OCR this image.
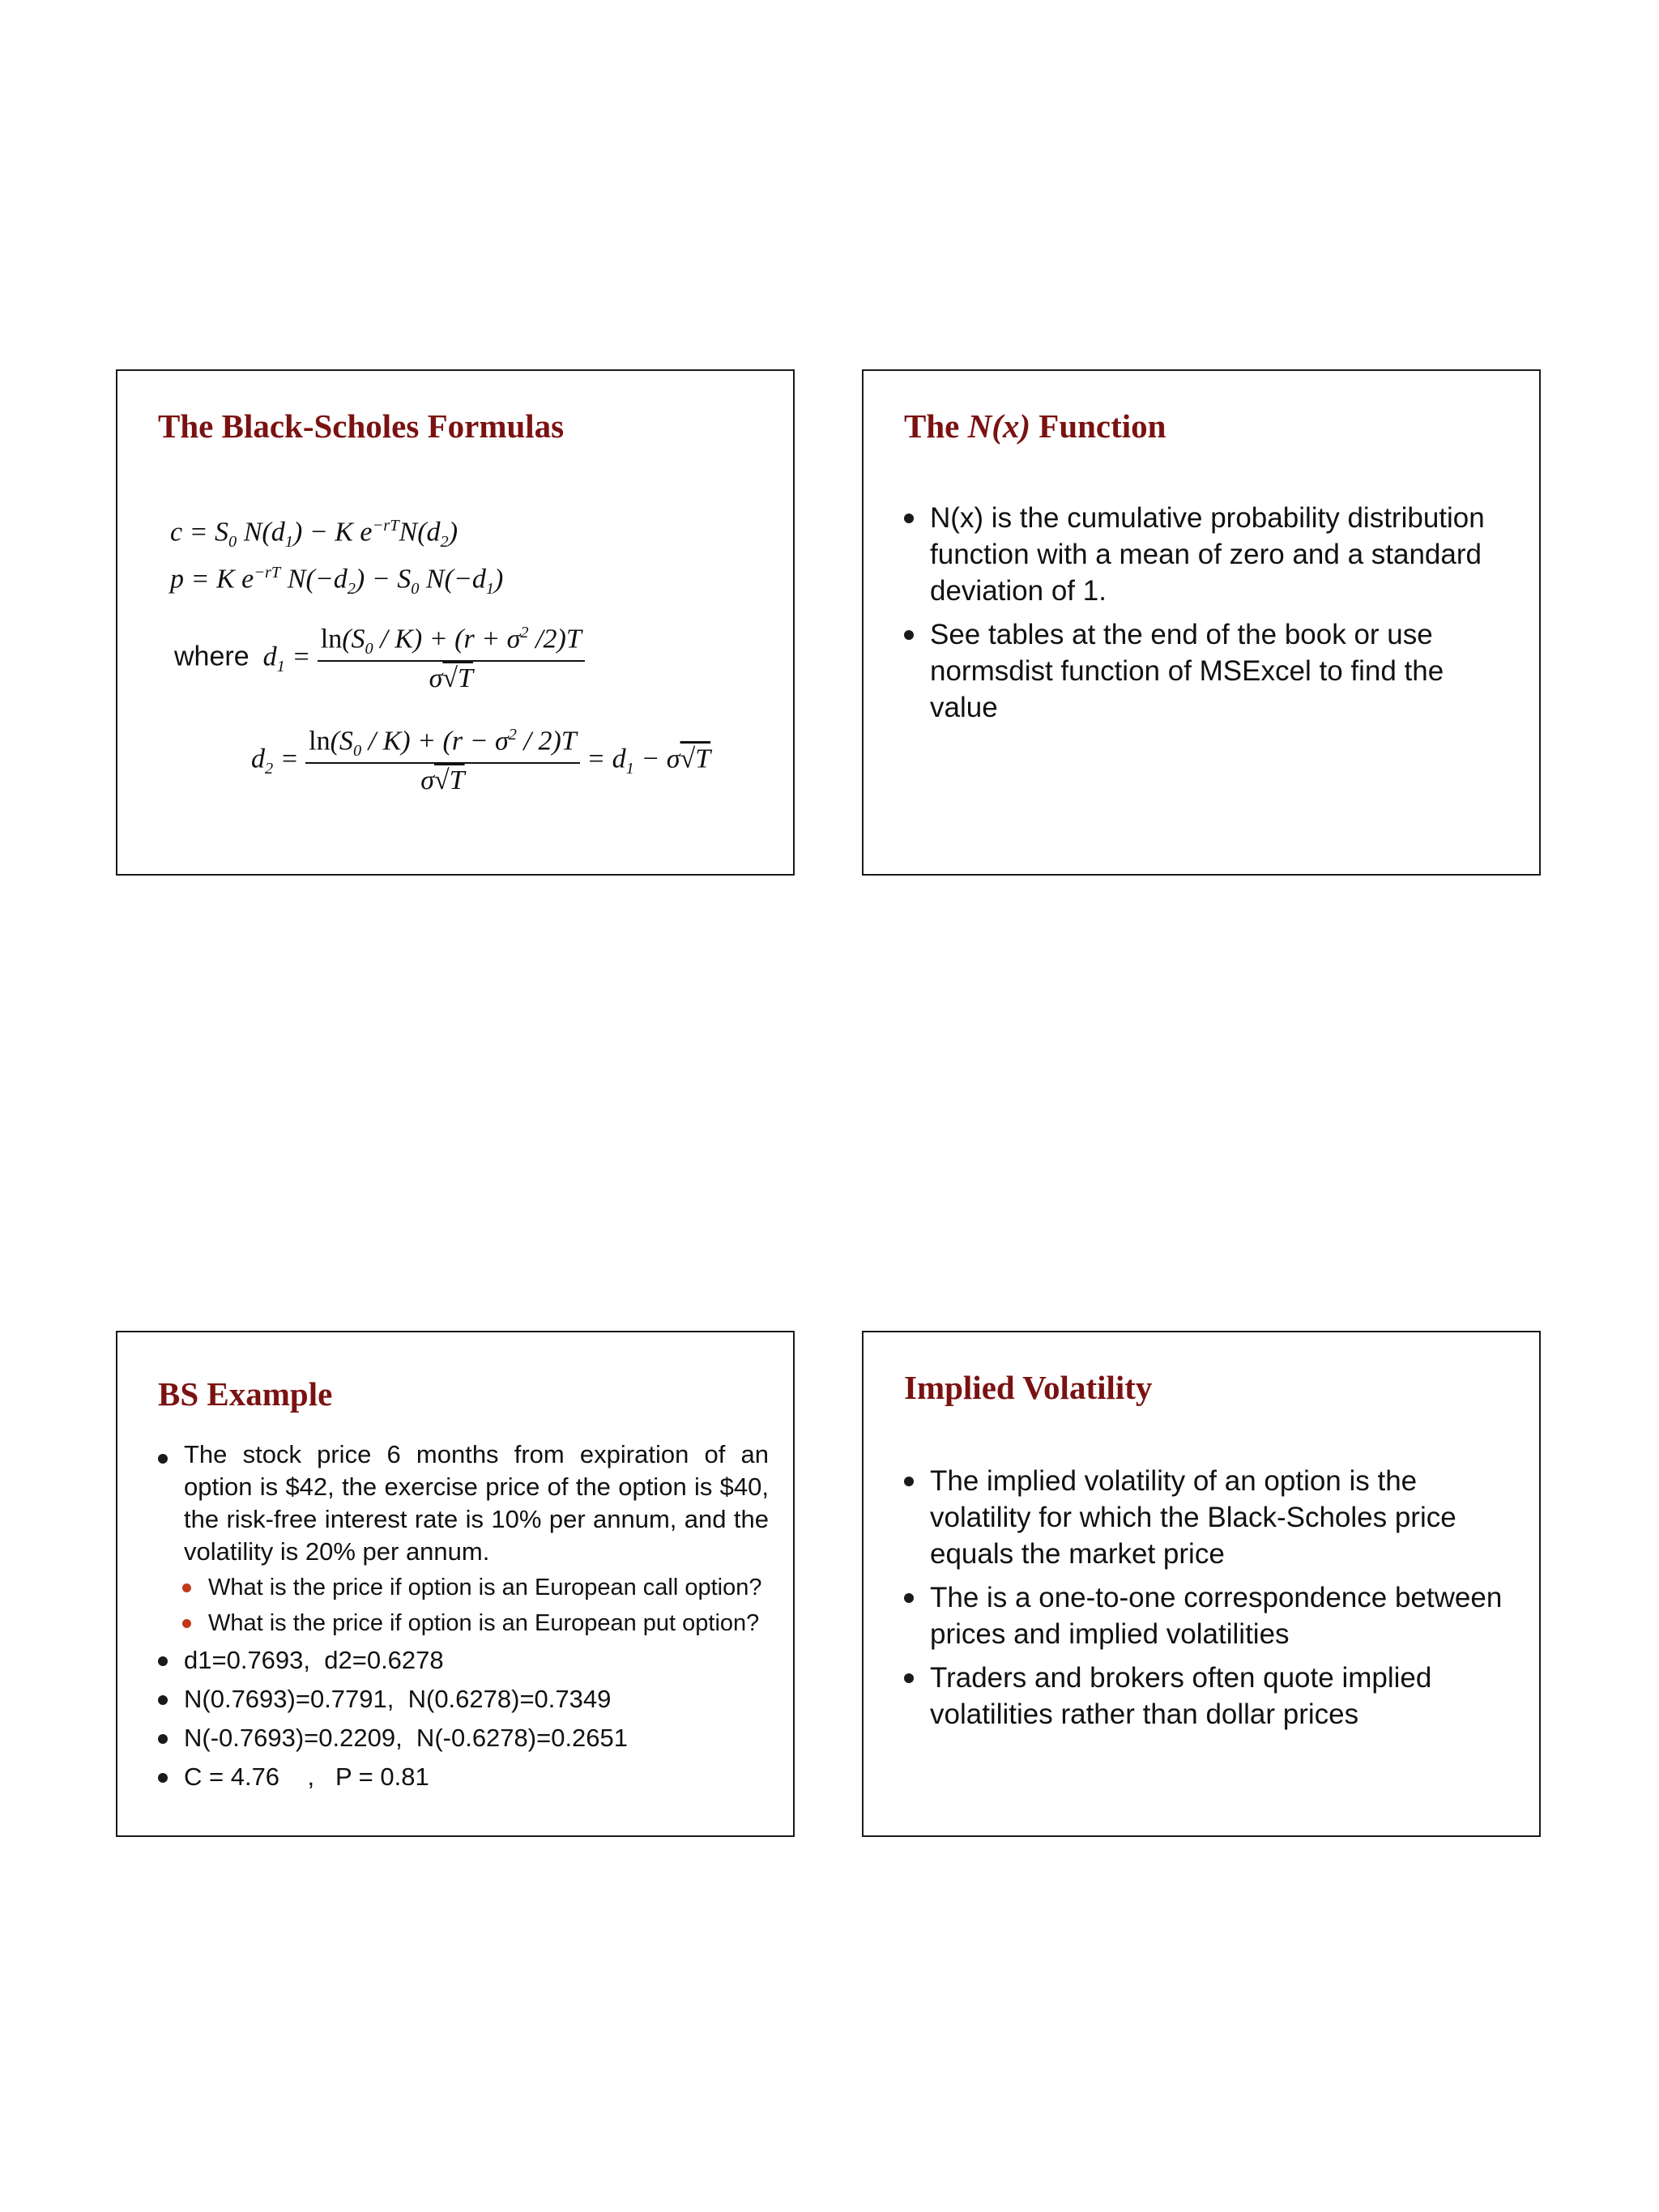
The Black-Scholes Formulas
$c = S_0$ $N(d_1) - K$ $e^{-rT}N(d_2)$
p = K $e^{-rT}$ $N(-d_2) - S_0$ $N(-d_1)$
where  $d_1 = \frac{\ln(S_0 / K) + (r + \sigma^2 /2)T}{\sigma√T}$
$d_2 = \frac{\ln(S_0 / K) + (r - \sigma^2 / 2)T}{\sigma√T} = d_1 - \sigma√T$
The N(x) Function
N(x) is the cumulative probability distribution function with a mean of zero and a standard deviation of 1.
See tables at the end of the book or use normsdist function of MSExcel to find the value
BS Example
The stock price 6 months from expiration of an option is $42, the exercise price of the option is $40, the risk-free interest rate is 10% per annum, and the volatility is 20% per annum.
What is the price if option is an European call option?
What is the price if option is an European put option?
d1=0.7693,  d2=0.6278
N(0.7693)=0.7791,  N(0.6278)=0.7349
N(-0.7693)=0.2209,  N(-0.6278)=0.2651
C = 4.76    ,   P = 0.81
Implied Volatility
The implied volatility of an option is the volatility for which the Black-Scholes price equals the market price
The is a one-to-one correspondence between prices and implied volatilities
Traders and brokers often quote implied volatilities rather than dollar prices
